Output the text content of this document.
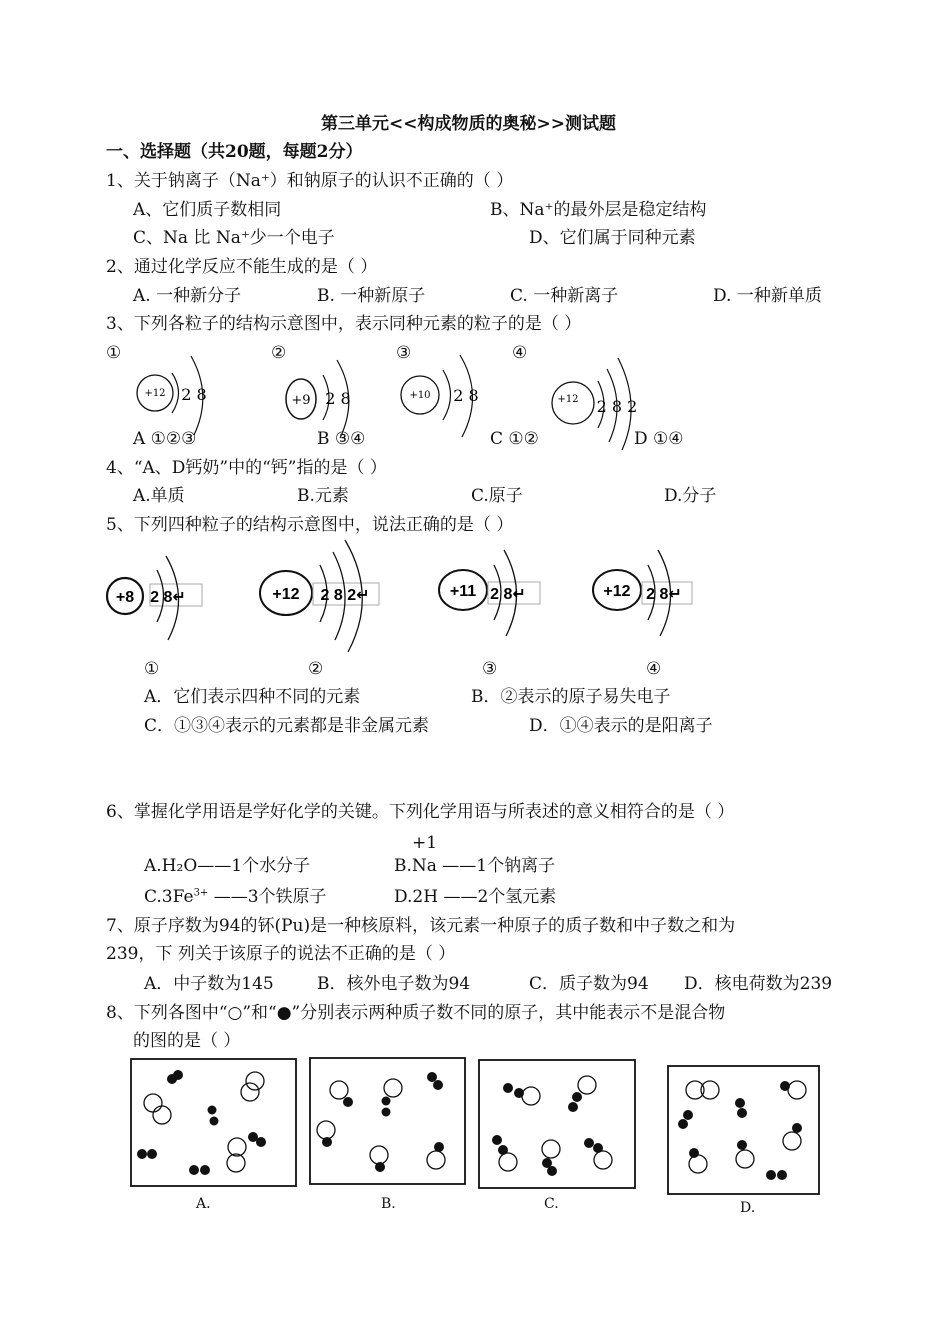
第三单元<<构成物质的奥秘>>测试题
一、选择题（共20题，每题2分）
1、关于钠离子（Na⁺）和钠原子的认识不正确的（ ）
A、它们质子数相同	B、Na⁺的最外层是稳定结构
C、Na 比 Na⁺少一个电子	D、它们属于同种元素
2、通过化学反应不能生成的是（ ）
A. 一种新分子	B. 一种新原子	C. 一种新离子	D. 一种新单质
3、下列各粒子的结构示意图中，表示同种元素的粒子的是（ ）
①	②	③	④
+12 2 8	+9 2 8	+10 2 8	+12 2 8 2
+8 2 8↵	+12 2 8 2↵	+11 2 8↵	+12 2 8↵
A ①②③	B ③④	C ①②	D ①④
4、“A、D钙奶”中的“钙”指的是（ ）
A.单质	B.元素	C.原子	D.分子
5、下列四种粒子的结构示意图中，说法正确的是（ ）
①	②	③	④
A．它们表示四种不同的元素	B．②表示的原子易失电子
C．①③④表示的元素都是非金属元素	D．①④表示的是阳离子
6、掌握化学用语是学好化学的关键。下列化学用语与所表述的意义相符合的是（ ）
+1
A.H₂O——1个水分子	B.Na ——1个钠离子
$C.3Fe^{3+}$ ——3个铁原子	D.2H ——2个氢元素
7、原子序数为94的钚(Pu)是一种核原料，该元素一种原子的质子数和中子数之和为
239，下 列关于该原子的说法不正确的是（ ）
A．中子数为145	B．核外电子数为94	C．质子数为94 D．核电荷数为239
8、下列各图中“○”和“●”分别表示两种质子数不同的原子，其中能表示不是混合物
的图的是（ ）
A.	B.	C.	D.
